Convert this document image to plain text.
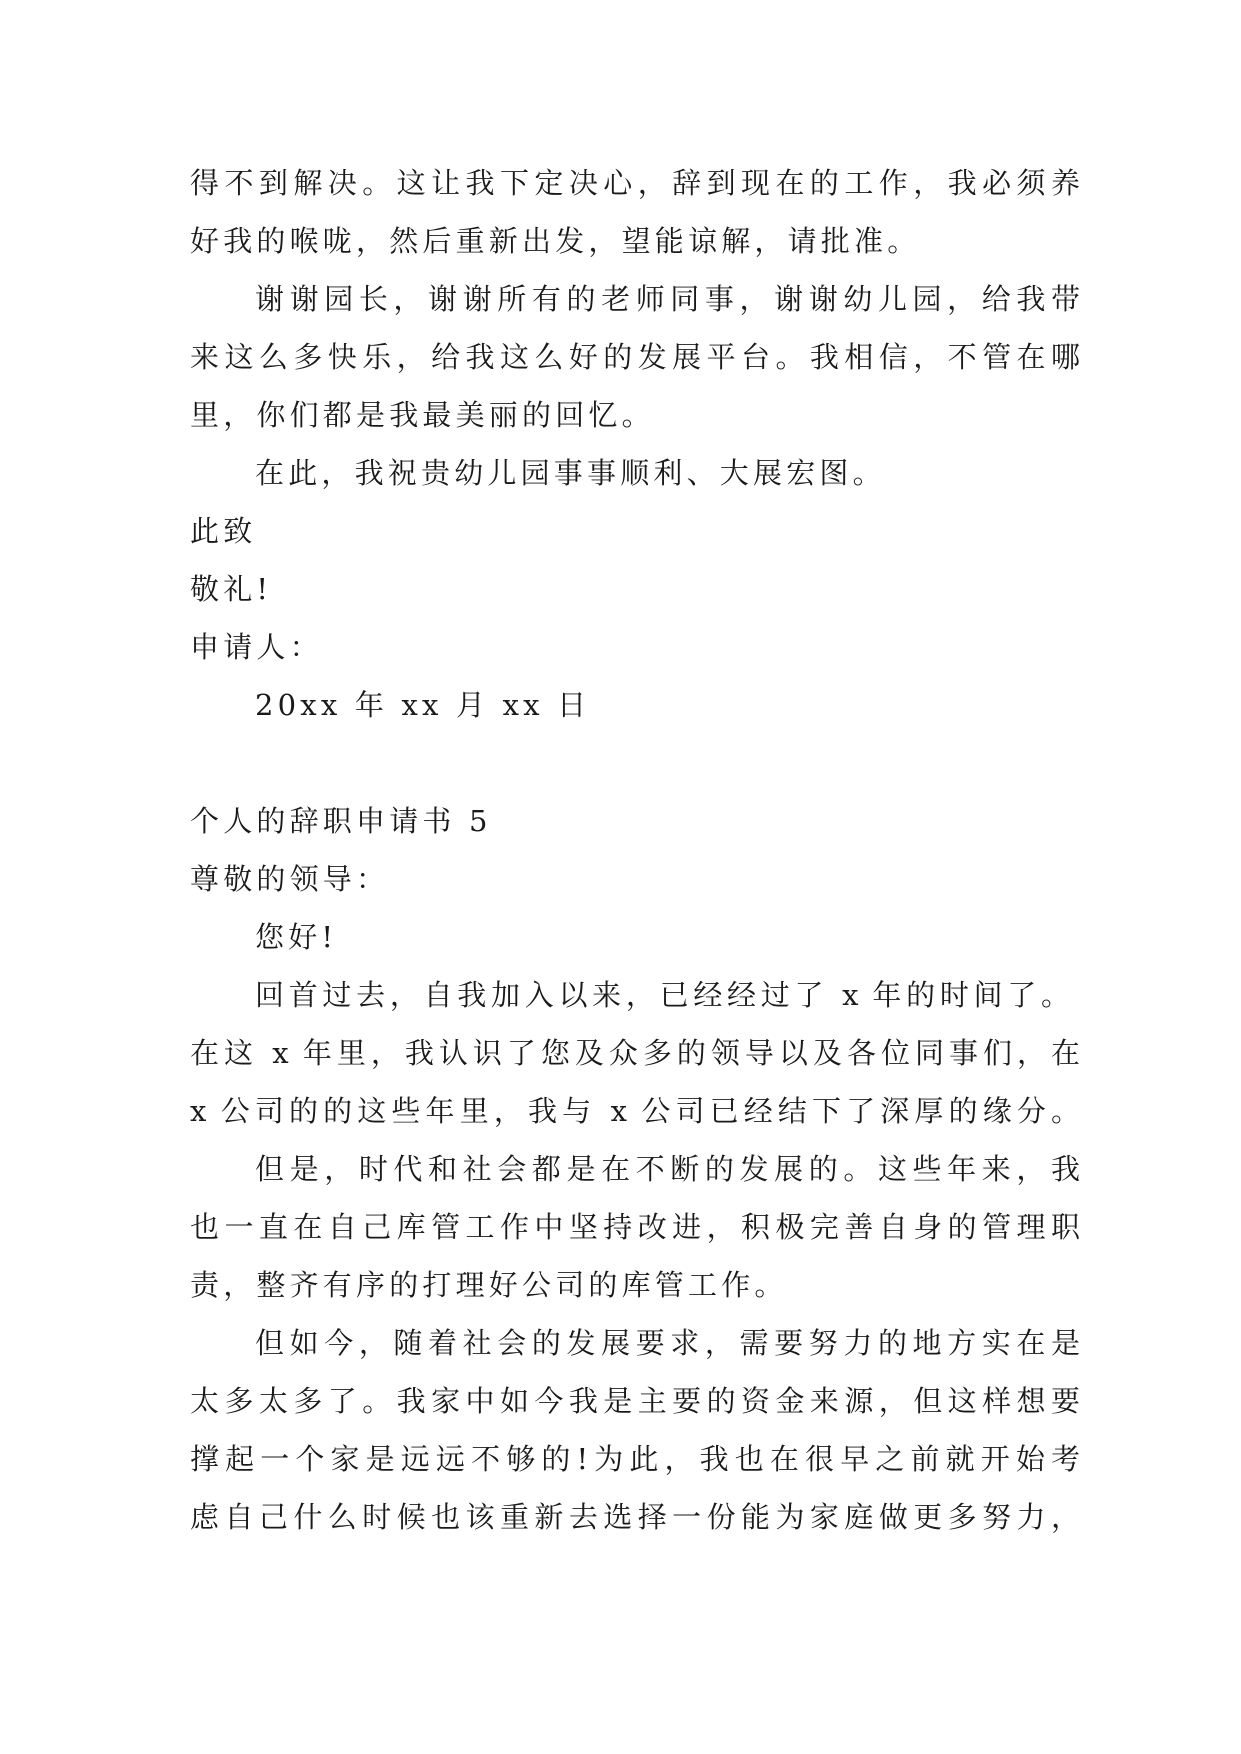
得不到解决。这让我下定决心，辞到现在的工作，我必须养
好我的喉咙，然后重新出发，望能谅解，请批准。
谢谢园长，谢谢所有的老师同事，谢谢幼儿园，给我带
来这么多快乐，给我这么好的发展平台。我相信，不管在哪
里，你们都是我最美丽的回忆。
在此，我祝贵幼儿园事事顺利、大展宏图。
此致
敬礼!
申请人：
20xx 年 xx 月 xx 日
个人的辞职申请书 5
尊敬的领导：
您好!
回首过去，自我加入以来，已经经过了 x 年的时间了。
在这 x 年里，我认识了您及众多的领导以及各位同事们，在
x 公司的的这些年里，我与 x 公司已经结下了深厚的缘分。
但是，时代和社会都是在不断的发展的。这些年来，我
也一直在自己库管工作中坚持改进，积极完善自身的管理职
责，整齐有序的打理好公司的库管工作。
但如今，随着社会的发展要求，需要努力的地方实在是
太多太多了。我家中如今我是主要的资金来源，但这样想要
撑起一个家是远远不够的!为此，我也在很早之前就开始考
虑自己什么时候也该重新去选择一份能为家庭做更多努力，
